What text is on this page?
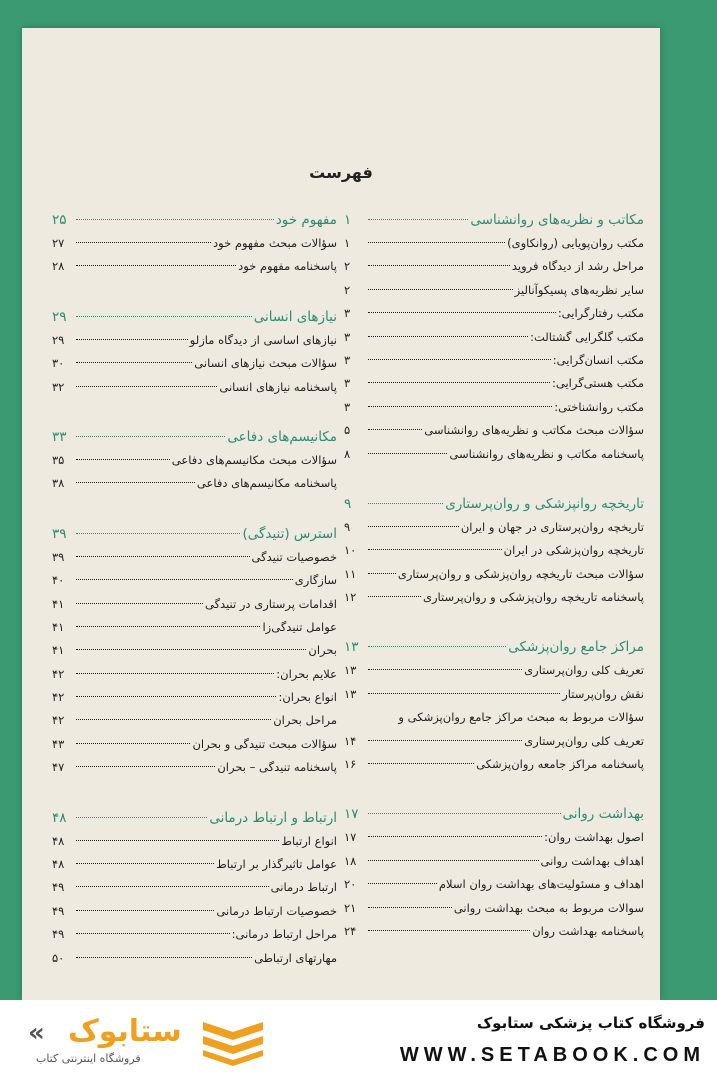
فهرست
مکاتب و نظریه‌های روانشناسی
۱
مکتب روان‌پویایی (روانکاوی)
۱
مراحل رشد از دیدگاه فروید
۲
سایر نظریه‌های پسیکوآنالیز
۲
مکتب رفتارگرایی:
۳
مکتب گلگرایی گشتالت:
۳
مکتب انسان‌گرایی:
۳
مکتب هستی‌گرایی:
۳
مکتب روانشناختی:
۳
سؤالات مبحث مکاتب و نظریه‌های روانشناسی
۵
پاسخنامه مکاتب و نظریه‌های روانشناسی
۸
تاریخچه روانپزشکی و روان‌پرستاری
۹
تاریخچه روان‌پرستاری در جهان و ایران
۹
تاریخچه روان‌پزشکی در ایران
۱۰
سؤالات مبحث تاریخچه روان‌پزشکی و روان‌پرستاری
۱۱
پاسخنامه تاریخچه روان‌پزشکی و روان‌پرستاری
۱۲
مراکز جامع روان‌پزشکی
۱۳
تعریف کلی روان‌پرستاری
۱۳
نقش روان‌پرستار
۱۳
سؤالات مربوط به مبحث مراکز جامع روان‌پزشکی و
تعریف کلی روان‌پرستاری
۱۴
پاسخنامه مراکز جامعه روان‌پزشکی
۱۶
بهداشت روانی
۱۷
اصول بهداشت روان:
۱۷
اهداف بهداشت روانی
۱۸
اهداف و مسئولیت‌های بهداشت روان اسلام
۲۰
سوالات مربوط به مبحث بهداشت روانی
۲۱
پاسخنامه بهداشت روان
۲۴
مفهوم خود
۲۵
سؤالات مبحث مفهوم خود
۲۷
پاسخنامه مفهوم خود
۲۸
نیازهای انسانی
۲۹
نیازهای اساسی از دیدگاه مازلو
۲۹
سؤالات مبحث نیازهای انسانی
۳۰
پاسخنامه نیازهای انسانی
۳۲
مکانیسم‌های دفاعی
۳۳
سؤالات مبحث مکانیسم‌های دفاعی
۳۵
پاسخنامه مکانیسم‌های دفاعی
۳۸
استرس (تنیدگی)
۳۹
خصوصیات تنیدگی
۳۹
سازگاری
۴۰
اقدامات پرستاری در تنیدگی
۴۱
عوامل تنیدگی‌زا
۴۱
بحران
۴۱
علایم بحران:
۴۲
انواع بحران:
۴۲
مراحل بحران
۴۲
سؤالات مبحث تنیدگی و بحران
۴۳
پاسخنامه تنیدگی – بحران
۴۷
ارتباط و ارتباط درمانی
۴۸
انواع ارتباط
۴۸
عوامل تاثیرگذار بر ارتباط
۴۸
ارتباط درمانی
۴۹
خصوصیات ارتباط درمانی
۴۹
مراحل ارتباط درمانی:
۴۹
مهارتهای ارتباطی
۵۰
فروشگاه کتاب پزشکی ستابوک
WWW.SETABOOK.COM
« ستابوک
فروشگاه اینترنتی کتاب
